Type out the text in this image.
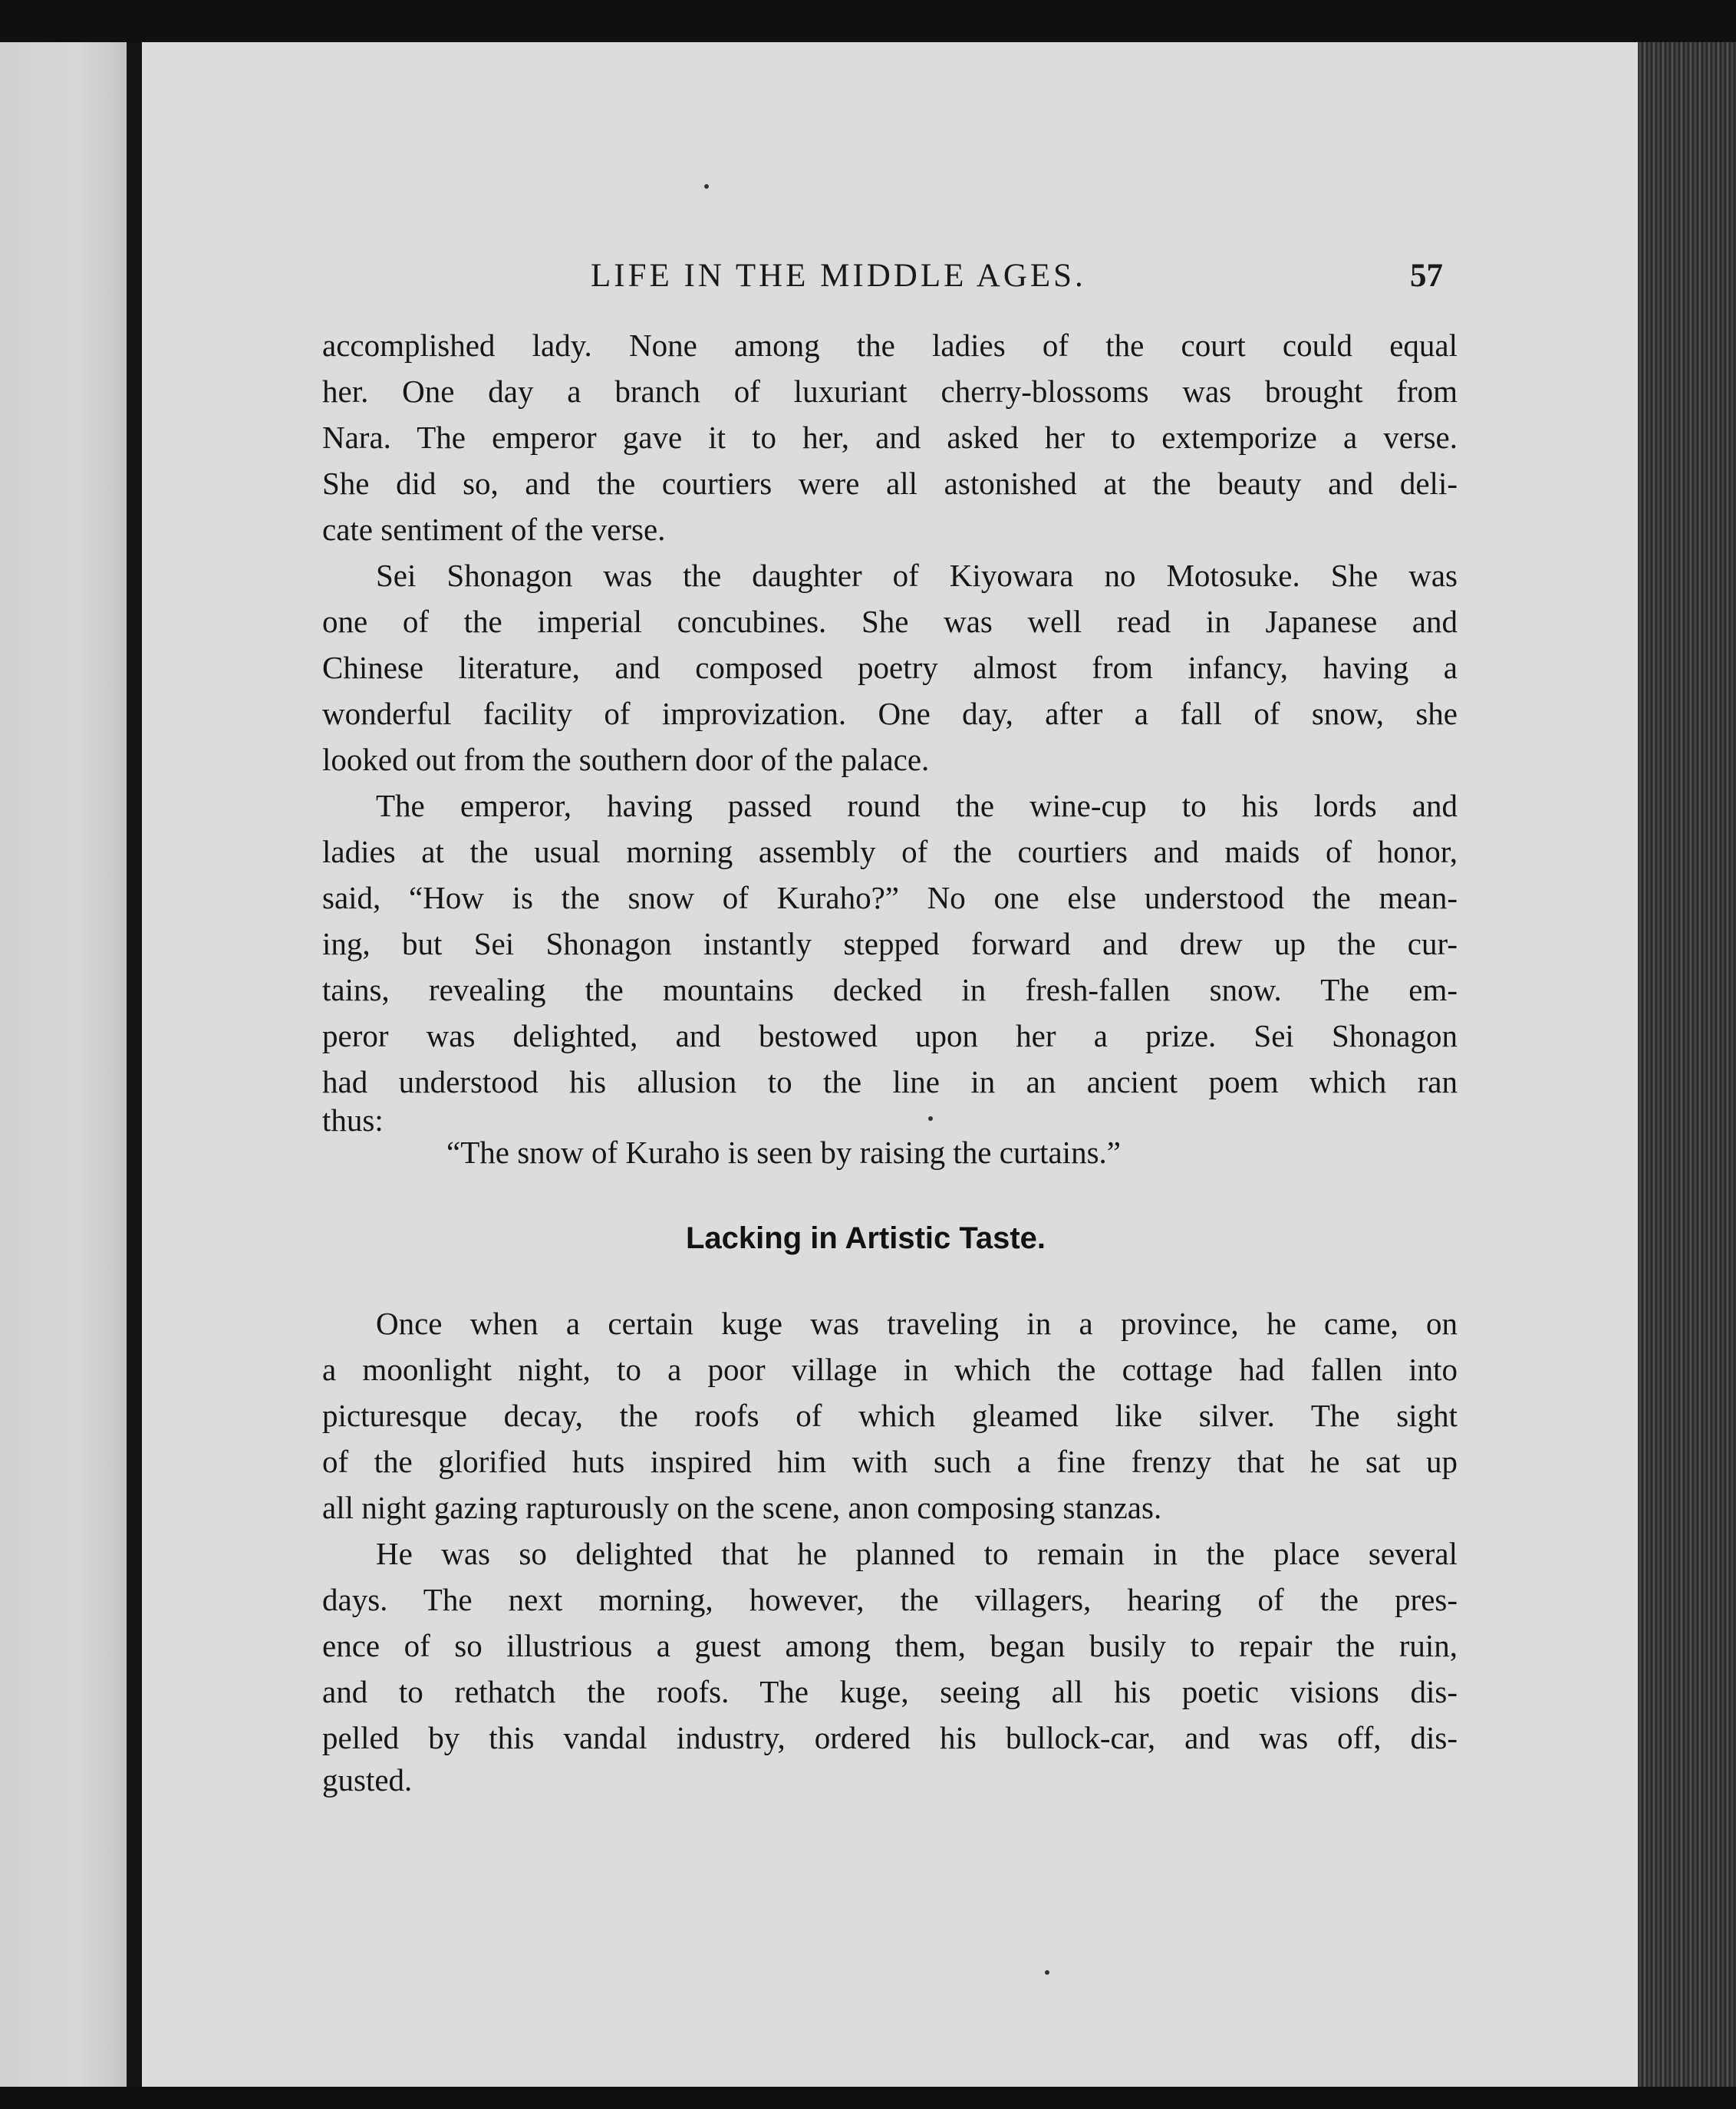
LIFE IN THE MIDDLE AGES.	57
accomplished lady. None among the ladies of the court could equal
her. One day a branch of luxuriant cherry-blossoms was brought from
Nara. The emperor gave it to her, and asked her to extemporize a verse.
She did so, and the courtiers were all astonished at the beauty and deli-
cate sentiment of the verse.
Sei Shonagon was the daughter of Kiyowara no Motosuke. She was
one of the imperial concubines. She was well read in Japanese and
Chinese literature, and composed poetry almost from infancy, having a
wonderful facility of improvization. One day, after a fall of snow, she
looked out from the southern door of the palace.
The emperor, having passed round the wine-cup to his lords and
ladies at the usual morning assembly of the courtiers and maids of honor,
said, “How is the snow of Kuraho?” No one else understood the mean-
ing, but Sei Shonagon instantly stepped forward and drew up the cur-
tains, revealing the mountains decked in fresh-fallen snow. The em-
peror was delighted, and bestowed upon her a prize. Sei Shonagon
had understood his allusion to the line in an ancient poem which ran
thus:
“The snow of Kuraho is seen by raising the curtains.”
Lacking in Artistic Taste.
Once when a certain kuge was traveling in a province, he came, on
a moonlight night, to a poor village in which the cottage had fallen into
picturesque decay, the roofs of which gleamed like silver. The sight
of the glorified huts inspired him with such a fine frenzy that he sat up
all night gazing rapturously on the scene, anon composing stanzas.
He was so delighted that he planned to remain in the place several
days. The next morning, however, the villagers, hearing of the pres-
ence of so illustrious a guest among them, began busily to repair the ruin,
and to rethatch the roofs. The kuge, seeing all his poetic visions dis-
pelled by this vandal industry, ordered his bullock-car, and was off, dis-
gusted.
